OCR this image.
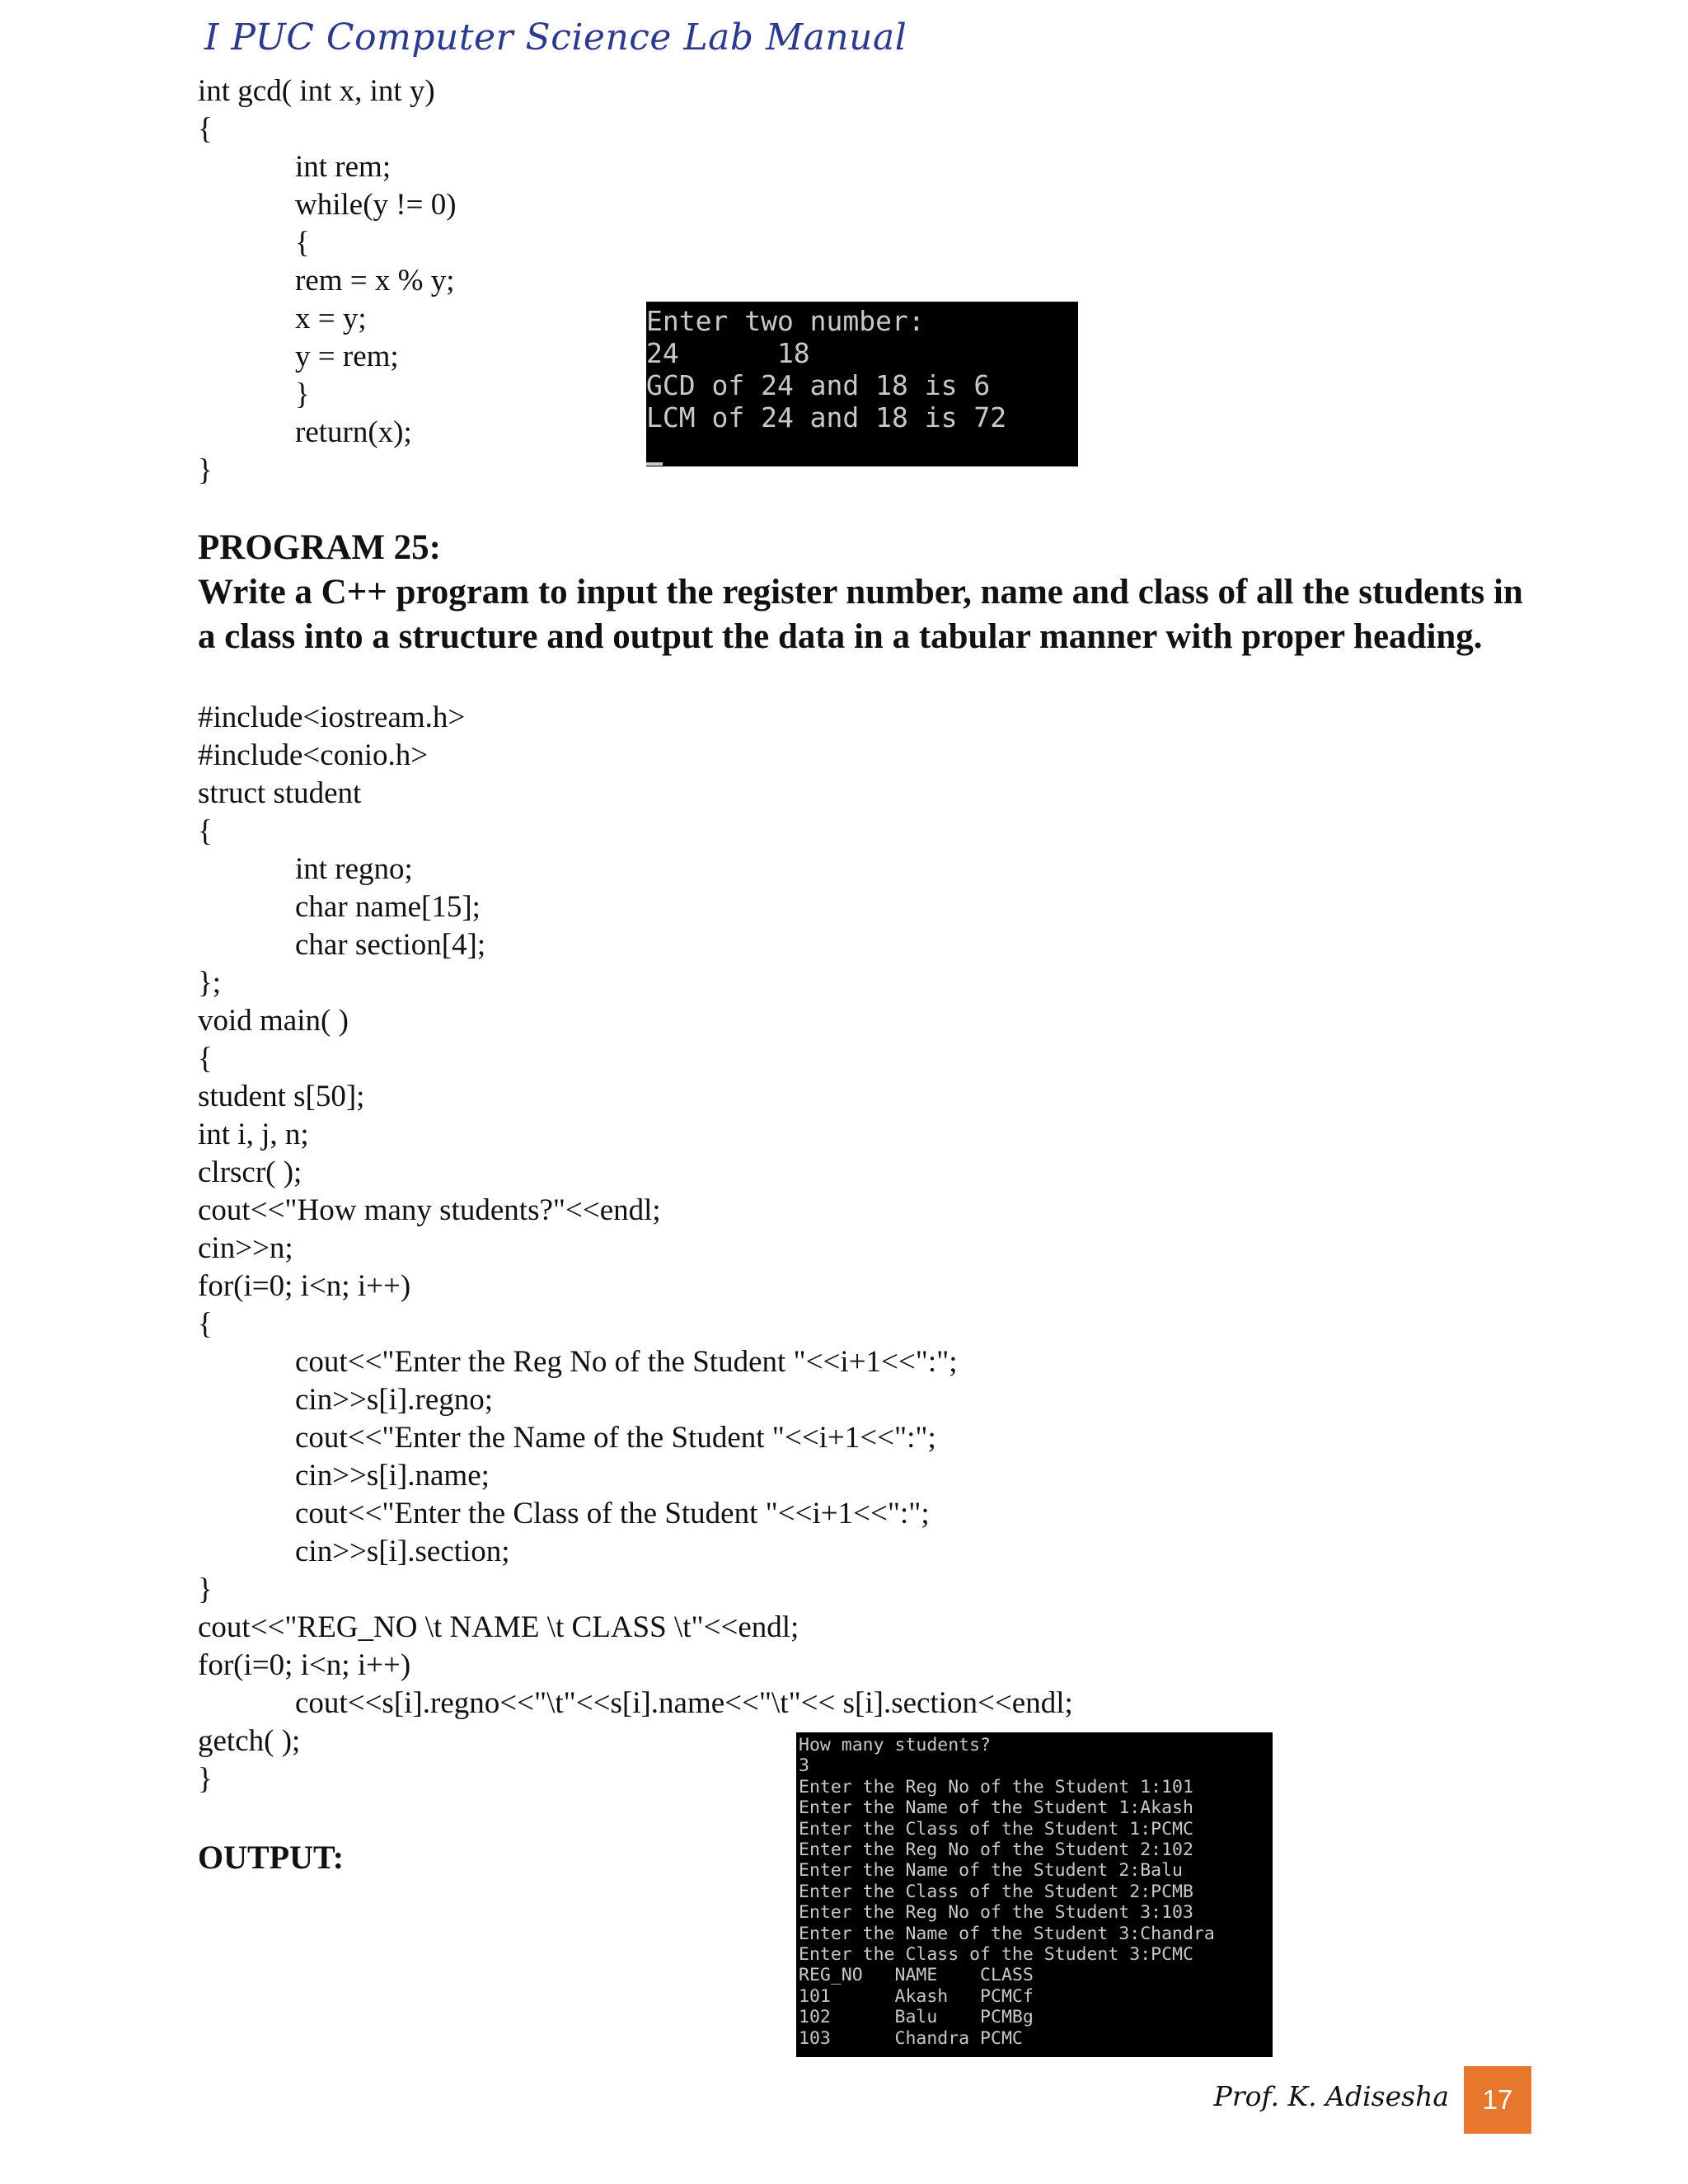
I PUC Computer Science Lab Manual
int gcd( int x, int y)
{
int rem;
while(y != 0)
{
rem = x % y;
x = y;
y = rem;
}
return(x);
}
Enter two number:
24      18
GCD of 24 and 18 is 6
LCM of 24 and 18 is 72
PROGRAM 25:
Write a C++ program to input the register number, name and class of all the students in a class into a structure and output the data in a tabular manner with proper heading.
#include<iostream.h>
#include<conio.h>
struct student
{
int regno;
char name[15];
char section[4];
};
void main( )
{
student s[50];
int i, j, n;
clrscr( );
cout<<"How many students?"<<endl;
cin>>n;
for(i=0; i<n; i++)
{
cout<<"Enter the Reg No of the Student "<<i+1<<":";
cin>>s[i].regno;
cout<<"Enter the Name of the Student "<<i+1<<":";
cin>>s[i].name;
cout<<"Enter the Class of the Student "<<i+1<<":";
cin>>s[i].section;
}
cout<<"REG_NO \t NAME \t CLASS \t"<<endl;
for(i=0; i<n; i++)
cout<<s[i].regno<<"\t"<<s[i].name<<"\t"<< s[i].section<<endl;
getch( );
}
OUTPUT:
How many students?
3
Enter the Reg No of the Student 1:101
Enter the Name of the Student 1:Akash
Enter the Class of the Student 1:PCMC
Enter the Reg No of the Student 2:102
Enter the Name of the Student 2:Balu
Enter the Class of the Student 2:PCMB
Enter the Reg No of the Student 3:103
Enter the Name of the Student 3:Chandra
Enter the Class of the Student 3:PCMC
REG_NO   NAME    CLASS
101      Akash   PCMCf
102      Balu    PCMBg
103      Chandra PCMC
Prof. K. Adisesha	17
